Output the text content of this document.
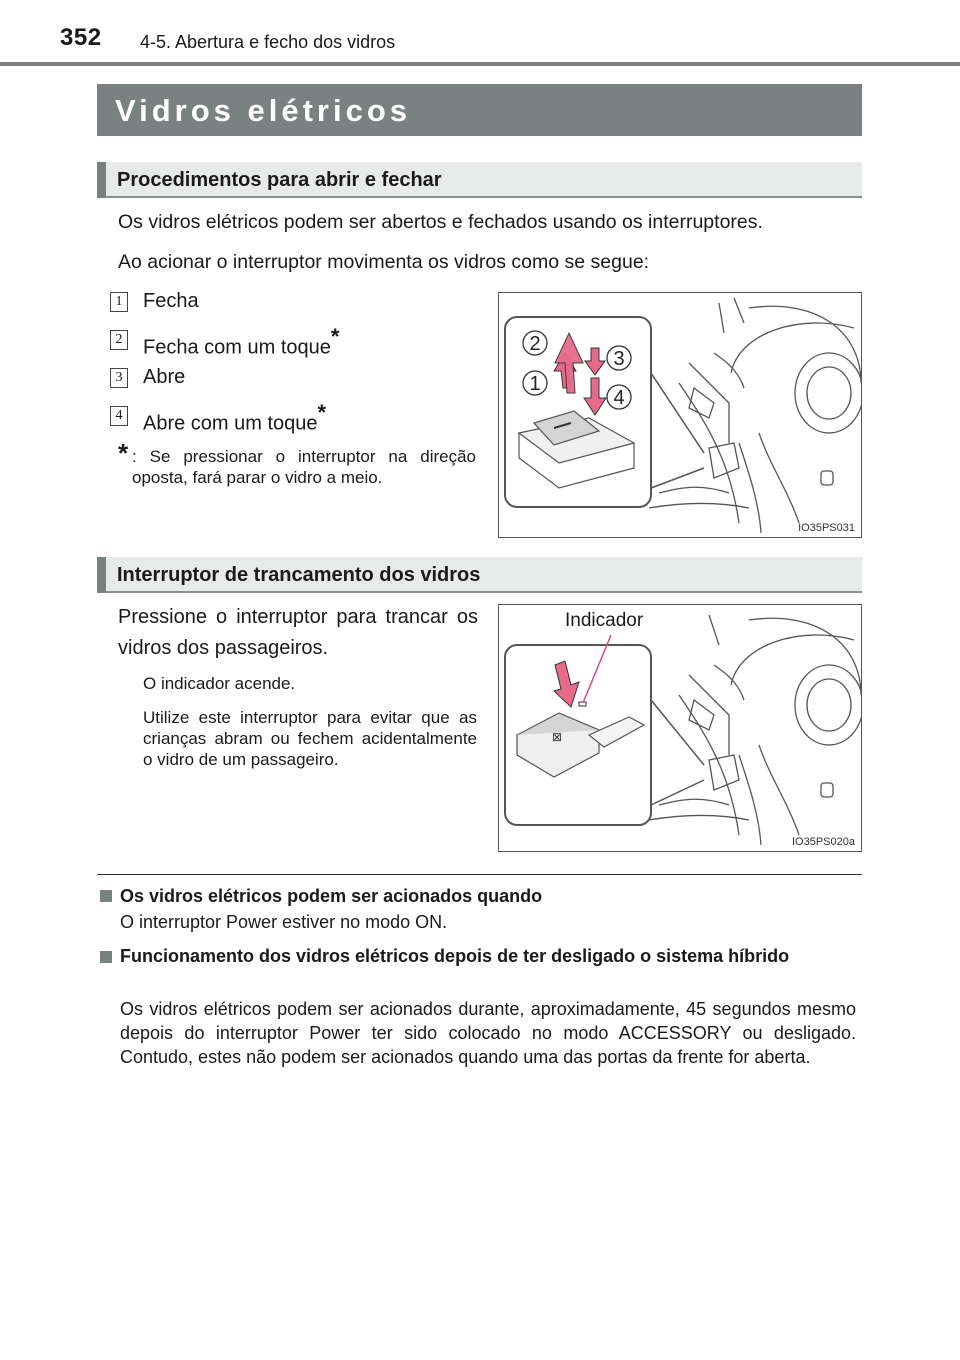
352 4-5. Abertura e fecho dos vidros
Vidros elétricos
Procedimentos para abrir e fechar
Os vidros elétricos podem ser abertos e fechados usando os interruptores.
Ao acionar o interruptor movimenta os vidros como se segue:
1 Fecha
2 Fecha com um toque*
3 Abre
4 Abre com um toque*
* : Se pressionar o interruptor na direção oposta, fará parar o vidro a meio.
2
3
1
4
IO35PS031
Interruptor de trancamento dos vidros
Pressione o interruptor para trancar os vidros dos passageiros.
O indicador acende.
Utilize este interruptor para evitar que as crianças abram ou fechem acidentalmente o vidro de um passageiro.
⊠
Indicador
IO35PS020a
Os vidros elétricos podem ser acionados quando
O interruptor Power estiver no modo ON.
Funcionamento dos vidros elétricos depois de ter desligado o sistema híbrido
Os vidros elétricos podem ser acionados durante, aproximadamente, 45 segundos mesmo depois do interruptor Power ter sido colocado no modo ACCESSORY ou desligado. Contudo, estes não podem ser acionados quando uma das portas da frente for aberta.
